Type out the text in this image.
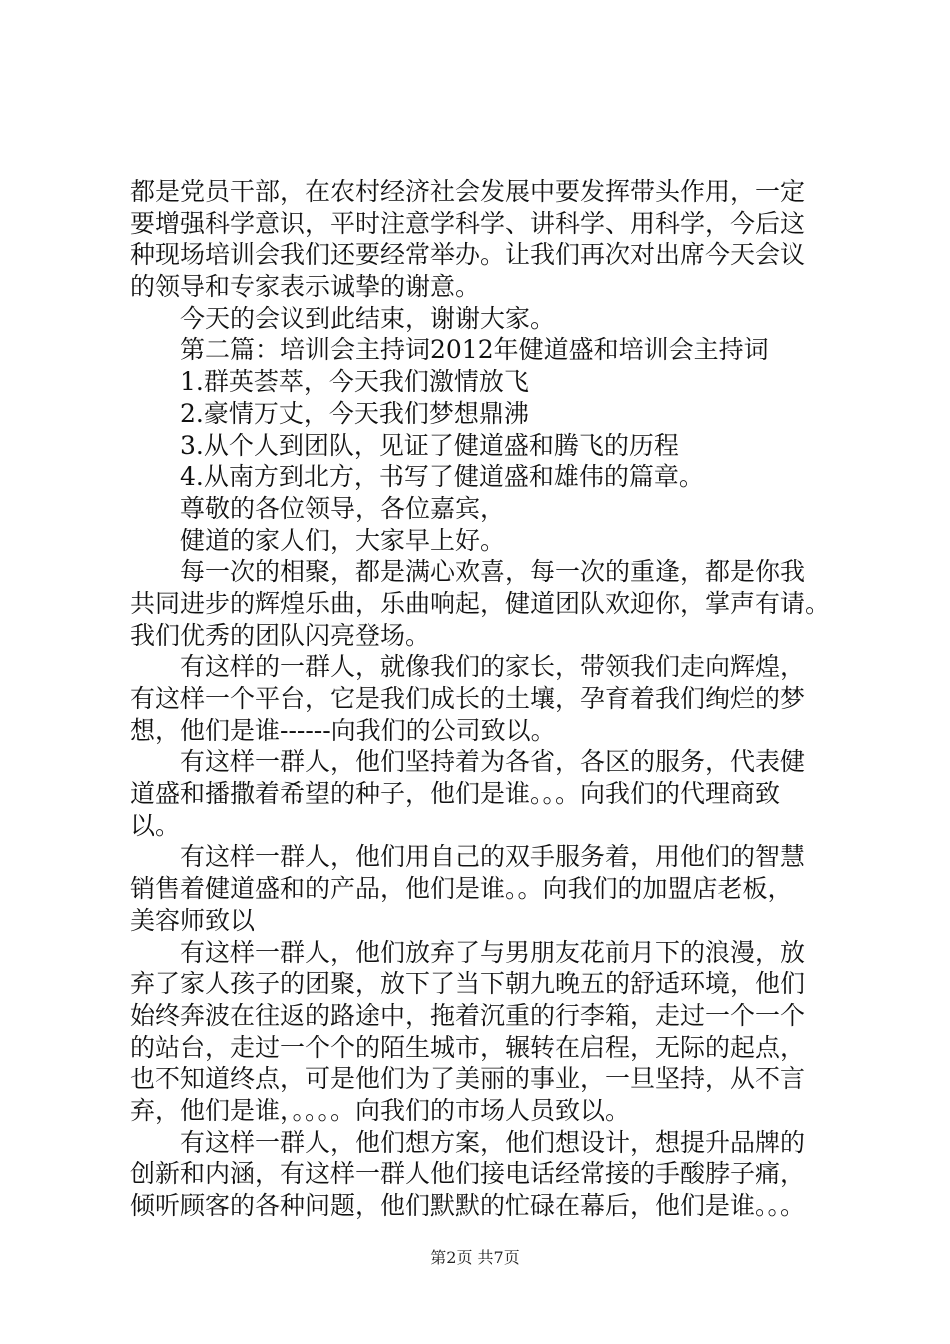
都是党员干部，在农村经济社会发展中要发挥带头作用，一定
要增强科学意识，平时注意学科学、讲科学、用科学，今后这
种现场培训会我们还要经常举办。让我们再次对出席今天会议
的领导和专家表示诚挚的谢意。
今天的会议到此结束，谢谢大家。
第二篇：培训会主持词2012年健道盛和培训会主持词
1.群英荟萃，今天我们激情放飞
2.豪情万丈，今天我们梦想鼎沸
3.从个人到团队，见证了健道盛和腾飞的历程
4.从南方到北方，书写了健道盛和雄伟的篇章。
尊敬的各位领导，各位嘉宾，
健道的家人们，大家早上好。
每一次的相聚，都是满心欢喜，每一次的重逢，都是你我
共同进步的辉煌乐曲，乐曲响起，健道团队欢迎你，掌声有请。
我们优秀的团队闪亮登场。
有这样的一群人，就像我们的家长，带领我们走向辉煌，
有这样一个平台，它是我们成长的土壤，孕育着我们绚烂的梦
想，他们是谁------向我们的公司致以。
有这样一群人，他们坚持着为各省，各区的服务，代表健
道盛和播撒着希望的种子，他们是谁。。。向我们的代理商致
以。
有这样一群人，他们用自己的双手服务着，用他们的智慧
销售着健道盛和的产品，他们是谁。。向我们的加盟店老板，
美容师致以
有这样一群人，他们放弃了与男朋友花前月下的浪漫，放
弃了家人孩子的团聚，放下了当下朝九晚五的舒适环境，他们
始终奔波在往返的路途中，拖着沉重的行李箱，走过一个一个
的站台，走过一个个的陌生城市，辗转在启程，无际的起点，
也不知道终点，可是他们为了美丽的事业，一旦坚持，从不言
弃，他们是谁，。。。。向我们的市场人员致以。
有这样一群人，他们想方案，他们想设计，想提升品牌的
创新和内涵，有这样一群人他们接电话经常接的手酸脖子痛，
倾听顾客的各种问题，他们默默的忙碌在幕后，他们是谁。。。
第2页 共7页
